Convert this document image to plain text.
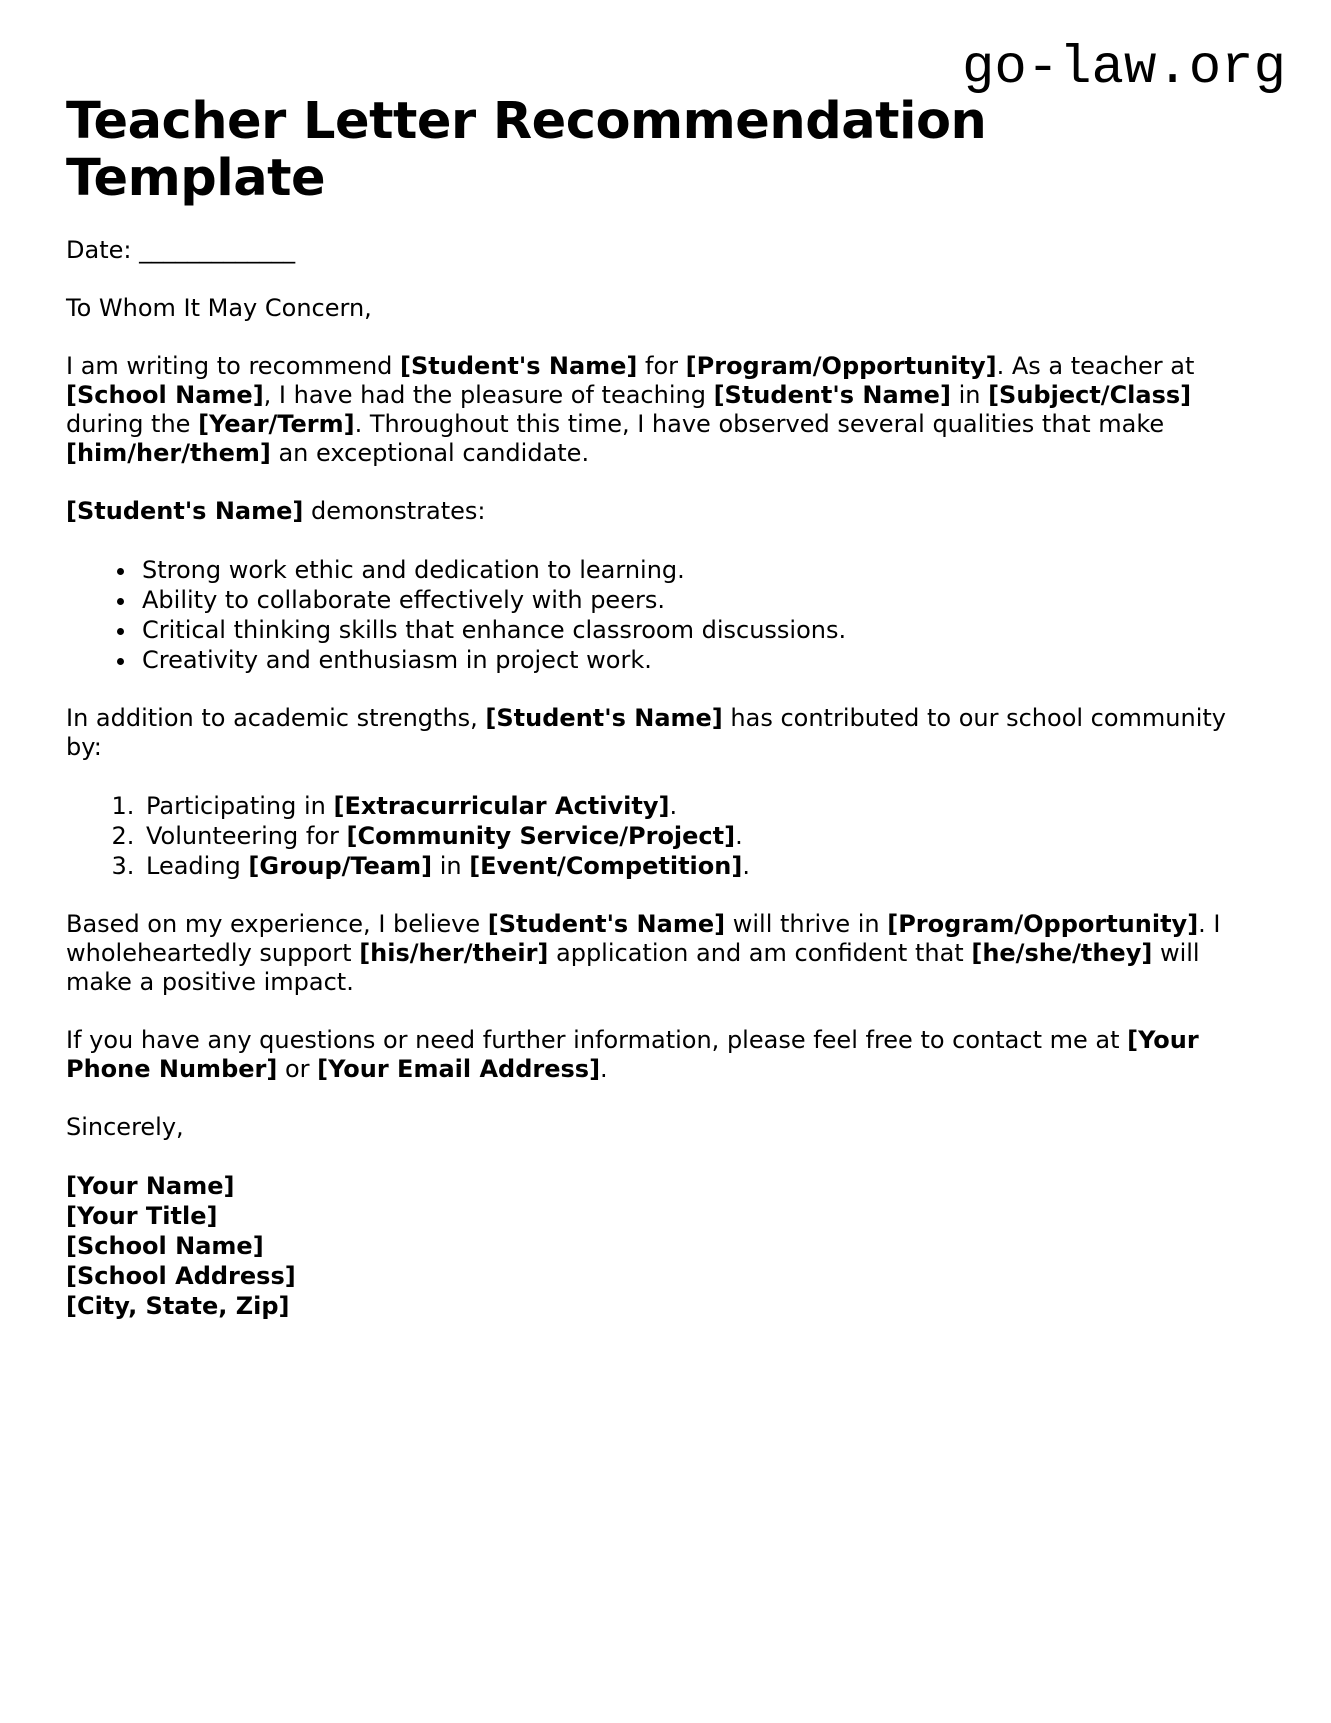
go-law.org
Teacher Letter Recommendation Template

Date: _____________

To Whom It May Concern,

I am writing to recommend [Student's Name] for [Program/Opportunity]. As a teacher at [School Name], I have had the pleasure of teaching [Student's Name] in [Subject/Class] during the [Year/Term]. Throughout this time, I have observed several qualities that make [him/her/them] an exceptional candidate.

[Student's Name] demonstrates:

• Strong work ethic and dedication to learning.
• Ability to collaborate effectively with peers.
• Critical thinking skills that enhance classroom discussions.
• Creativity and enthusiasm in project work.

In addition to academic strengths, [Student's Name] has contributed to our school community by:

1. Participating in [Extracurricular Activity].
2. Volunteering for [Community Service/Project].
3. Leading [Group/Team] in [Event/Competition].

Based on my experience, I believe [Student's Name] will thrive in [Program/Opportunity]. I wholeheartedly support [his/her/their] application and am confident that [he/she/they] will make a positive impact.

If you have any questions or need further information, please feel free to contact me at [Your Phone Number] or [Your Email Address].

Sincerely,

[Your Name]
[Your Title]
[School Name]
[School Address]
[City, State, Zip]
